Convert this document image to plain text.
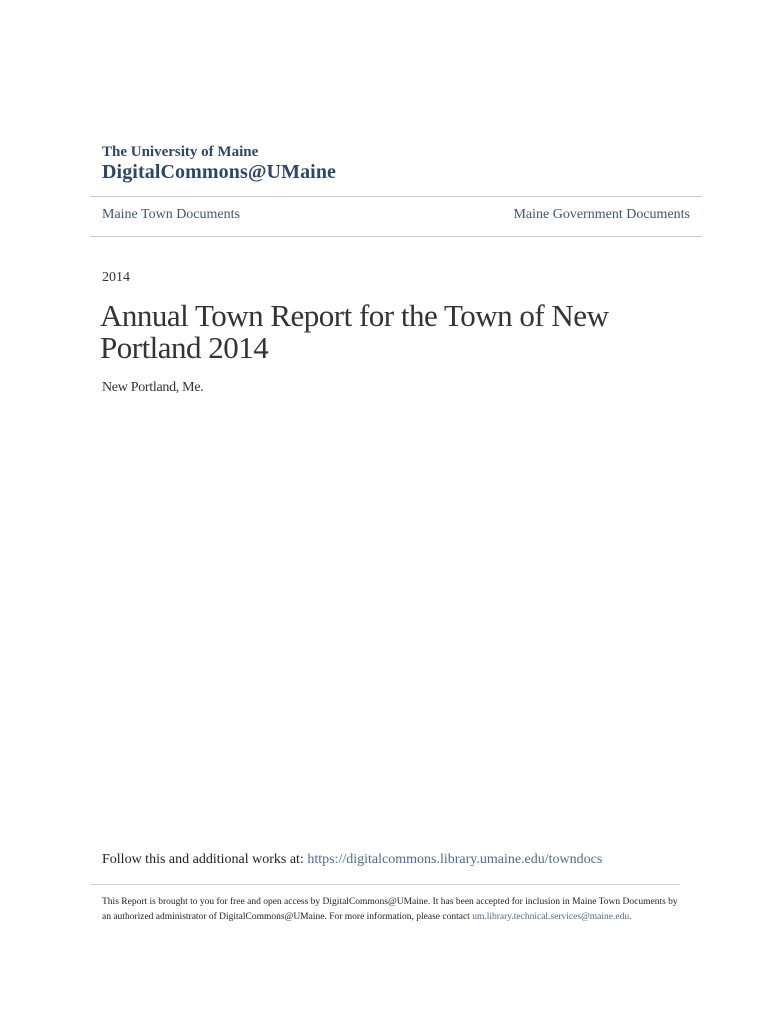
The University of Maine
DigitalCommons@UMaine
Maine Town Documents	Maine Government Documents
2014
Annual Town Report for the Town of New Portland 2014
New Portland, Me.
Follow this and additional works at: https://digitalcommons.library.umaine.edu/towndocs
This Report is brought to you for free and open access by DigitalCommons@UMaine. It has been accepted for inclusion in Maine Town Documents by an authorized administrator of DigitalCommons@UMaine. For more information, please contact um.library.technical.services@maine.edu.
